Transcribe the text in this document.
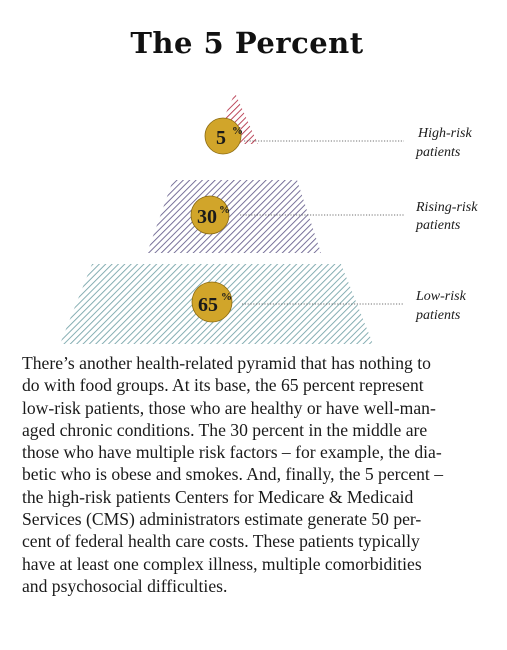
The 5 Percent
5 %	High-risk
patients
30 %	Rising-risk
patients
65 %	Low-risk
patients

There’s another health-related pyramid that has nothing to
do with food groups. At its base, the 65 percent represent
low-risk patients, those who are healthy or have well-man-
aged chronic conditions. The 30 percent in the middle are
those who have multiple risk factors – for example, the dia-
betic who is obese and smokes. And, finally, the 5 percent –
the high-risk patients Centers for Medicare & Medicaid
Services (CMS) administrators estimate generate 50 per-
cent of federal health care costs. These patients typically
have at least one complex illness, multiple comorbidities
and psychosocial difficulties.
